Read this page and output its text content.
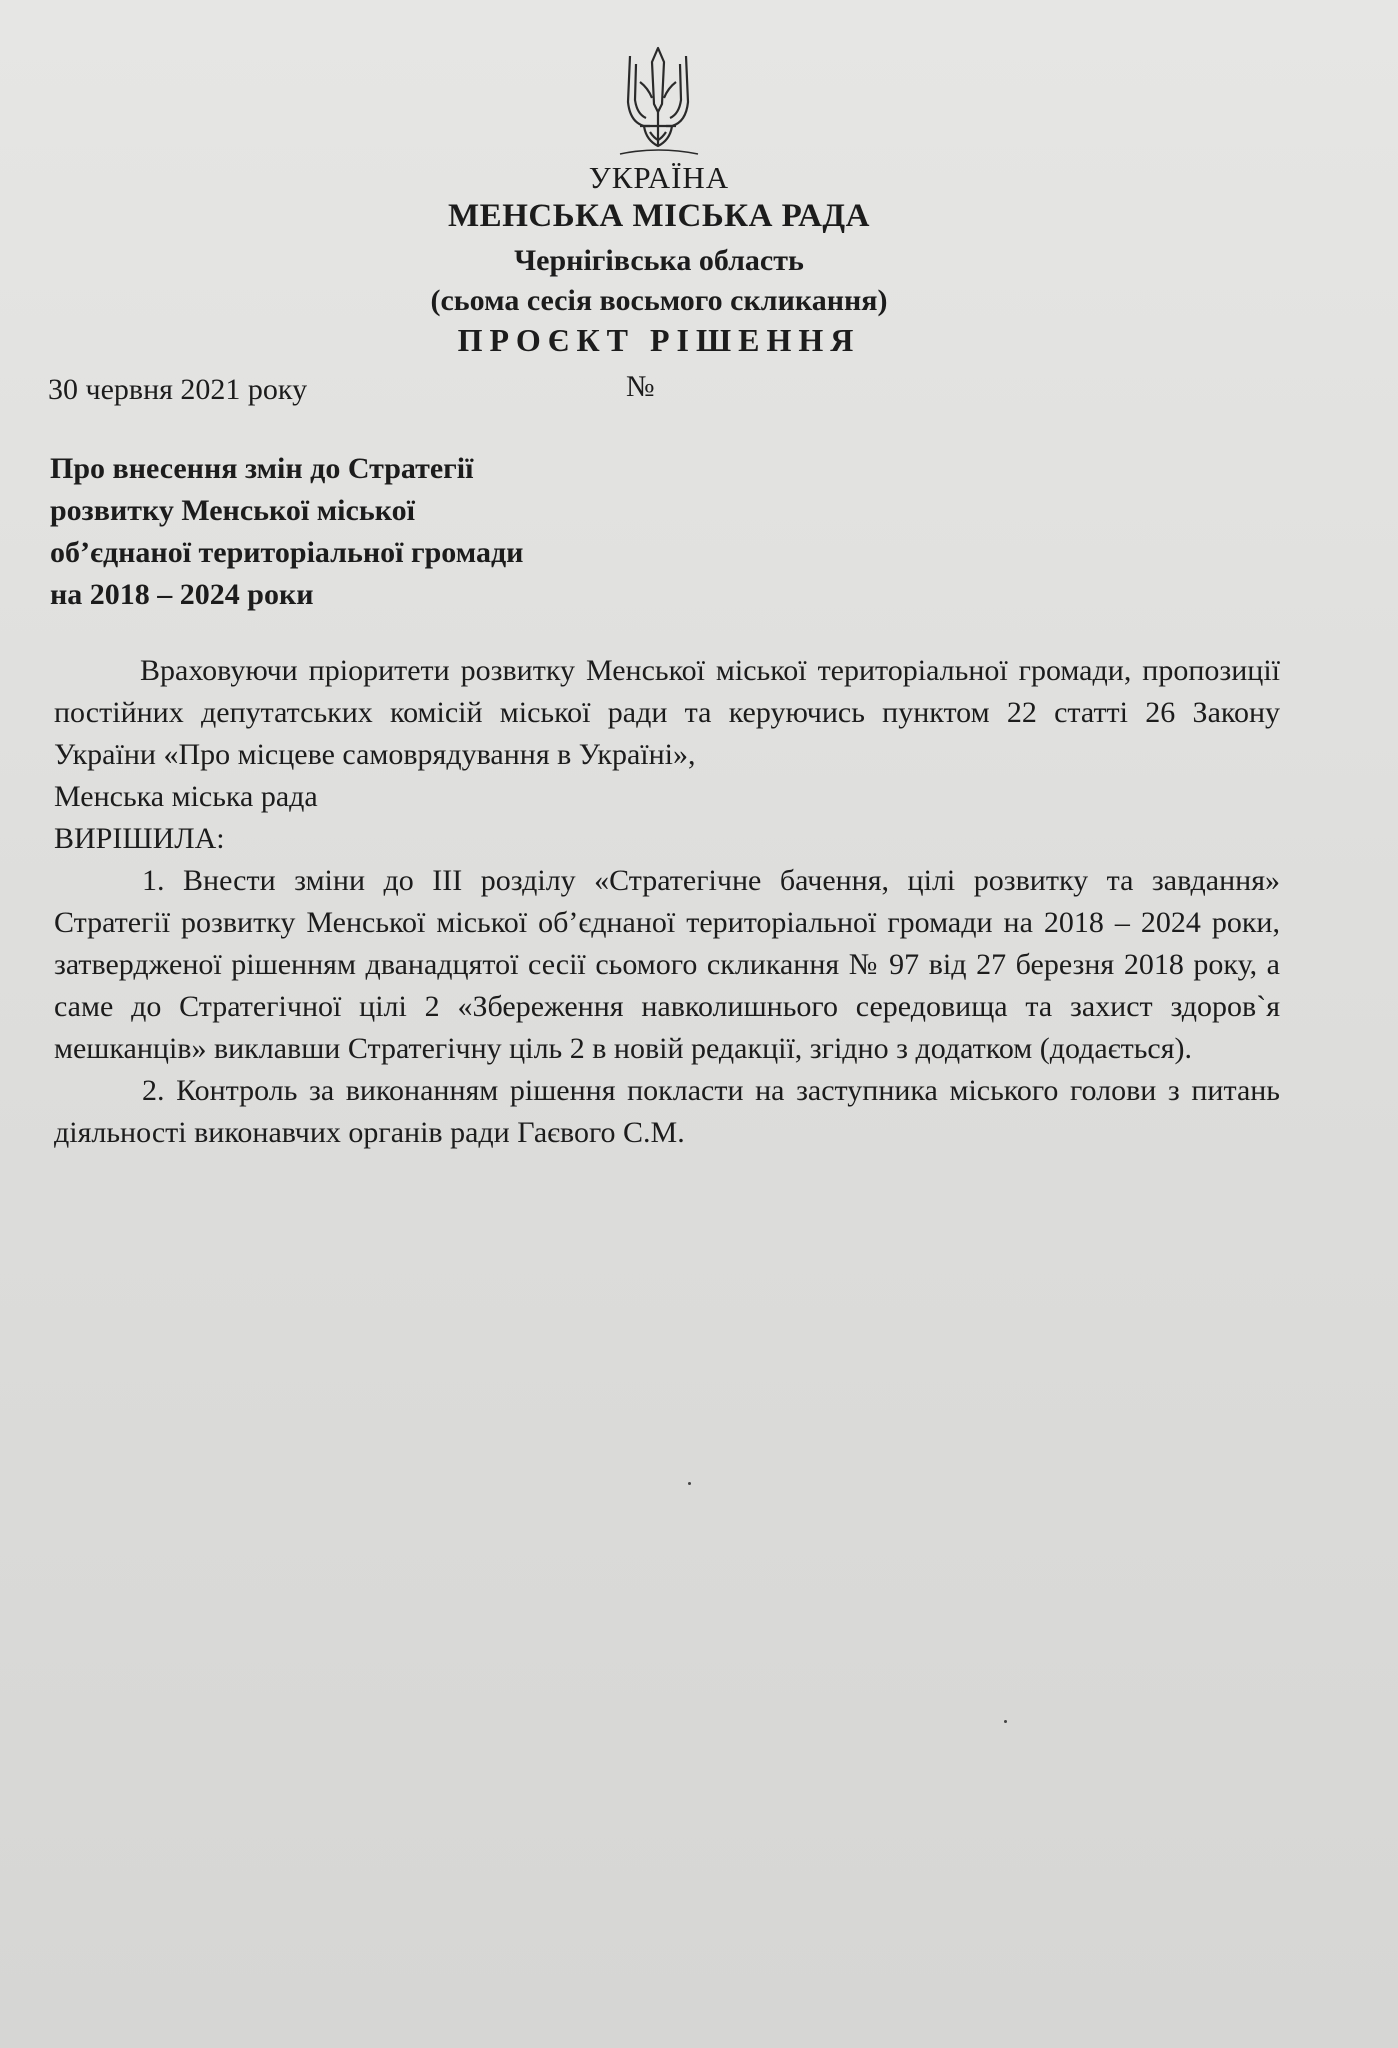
УКРАЇНА
МЕНСЬКА МІСЬКА РАДА
Чернігівська область
(сьома сесія восьмого скликання)
ПРОЄКТ РІШЕННЯ
30 червня 2021 року	№
Про внесення змін до Стратегії
розвитку Менської міської
об’єднаної територіальної громади
на 2018 – 2024 роки

Враховуючи пріоритети розвитку Менської міської територіальної громади, пропозиції постійних депутатських комісій міської ради та керуючись пунктом 22 статті 26 Закону України «Про місцеве самоврядування в Україні»,

Менська міська рада

ВИРІШИЛА:

1. Внести зміни до ІІІ розділу «Стратегічне бачення, цілі розвитку та завдання» Стратегії розвитку Менської міської об’єднаної територіальної громади на 2018 – 2024 роки, затвердженої рішенням дванадцятої сесії сьомого скликання № 97 від 27 березня 2018 року, а саме до Стратегічної цілі 2 «Збереження навколишнього середовища та захист здоров`я мешканців» виклавши Стратегічну ціль 2 в новій редакції, згідно з додатком (додається).

2. Контроль за виконанням рішення покласти на заступника міського голови з питань діяльності виконавчих органів ради Гаєвого С.М.
